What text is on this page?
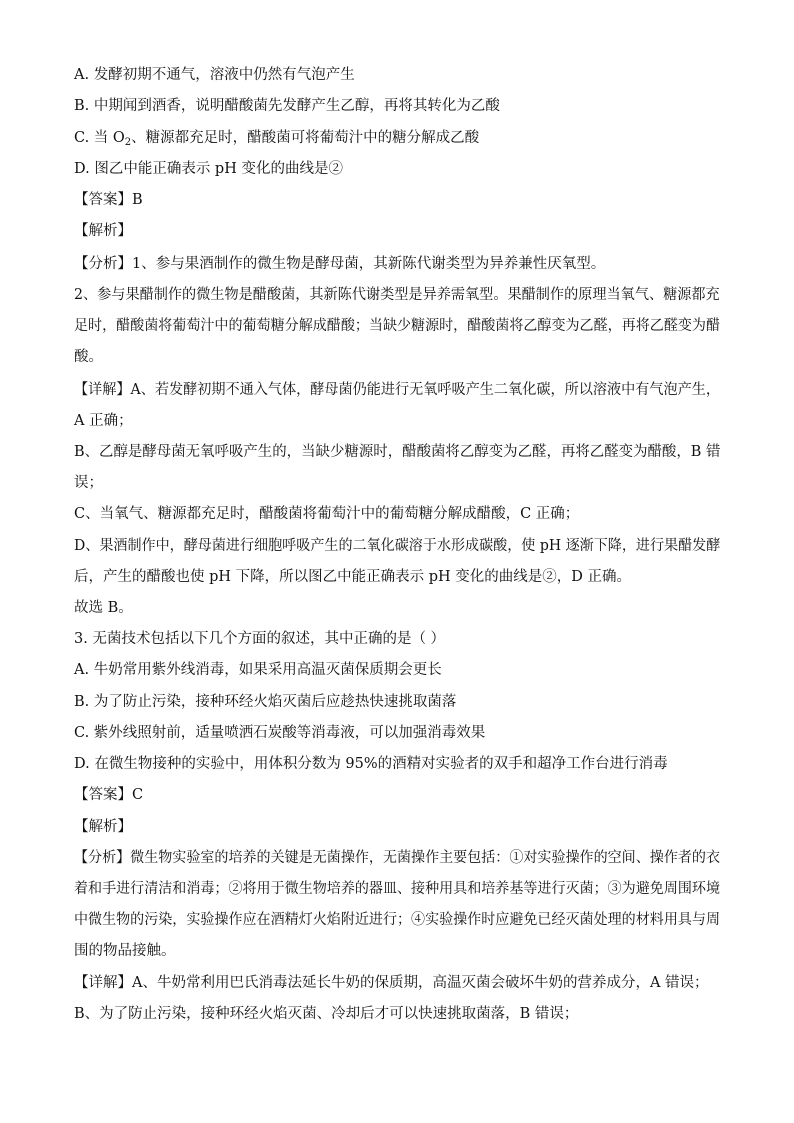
A. 发酵初期不通气，溶液中仍然有气泡产生
B. 中期闻到酒香，说明醋酸菌先发酵产生乙醇，再将其转化为乙酸
C. 当 $O_2$、糖源都充足时，醋酸菌可将葡萄汁中的糖分解成乙酸
D. 图乙中能正确表示 pH 变化的曲线是②
【答案】B
【解析】
【分析】1、参与果酒制作的微生物是酵母菌，其新陈代谢类型为异养兼性厌氧型。
2、参与果醋制作的微生物是醋酸菌，其新陈代谢类型是异养需氧型。果醋制作的原理当氧气、糖源都充
足时，醋酸菌将葡萄汁中的葡萄糖分解成醋酸；当缺少糖源时，醋酸菌将乙醇变为乙醛，再将乙醛变为醋
酸。
【详解】A、若发酵初期不通入气体，酵母菌仍能进行无氧呼吸产生二氧化碳，所以溶液中有气泡产生，
A 正确；
B、乙醇是酵母菌无氧呼吸产生的，当缺少糖源时，醋酸菌将乙醇变为乙醛，再将乙醛变为醋酸，B 错
误；
C、当氧气、糖源都充足时，醋酸菌将葡萄汁中的葡萄糖分解成醋酸，C 正确；
D、果酒制作中，酵母菌进行细胞呼吸产生的二氧化碳溶于水形成碳酸，使 pH 逐渐下降，进行果醋发酵
后，产生的醋酸也使 pH 下降，所以图乙中能正确表示 pH 变化的曲线是②，D 正确。
故选 B。
3. 无菌技术包括以下几个方面的叙述，其中正确的是（ ）
A. 牛奶常用紫外线消毒，如果采用高温灭菌保质期会更长
B. 为了防止污染，接种环经火焰灭菌后应趁热快速挑取菌落
C. 紫外线照射前，适量喷洒石炭酸等消毒液，可以加强消毒效果
D. 在微生物接种的实验中，用体积分数为 95%的酒精对实验者的双手和超净工作台进行消毒
【答案】C
【解析】
【分析】微生物实验室的培养的关键是无菌操作，无菌操作主要包括：①对实验操作的空间、操作者的衣
着和手进行清洁和消毒；②将用于微生物培养的器皿、接种用具和培养基等进行灭菌；③为避免周围环境
中微生物的污染，实验操作应在酒精灯火焰附近进行；④实验操作时应避免已经灭菌处理的材料用具与周
围的物品接触。
【详解】A、牛奶常利用巴氏消毒法延长牛奶的保质期，高温灭菌会破坏牛奶的营养成分，A 错误；
B、为了防止污染，接种环经火焰灭菌、冷却后才可以快速挑取菌落，B 错误；
